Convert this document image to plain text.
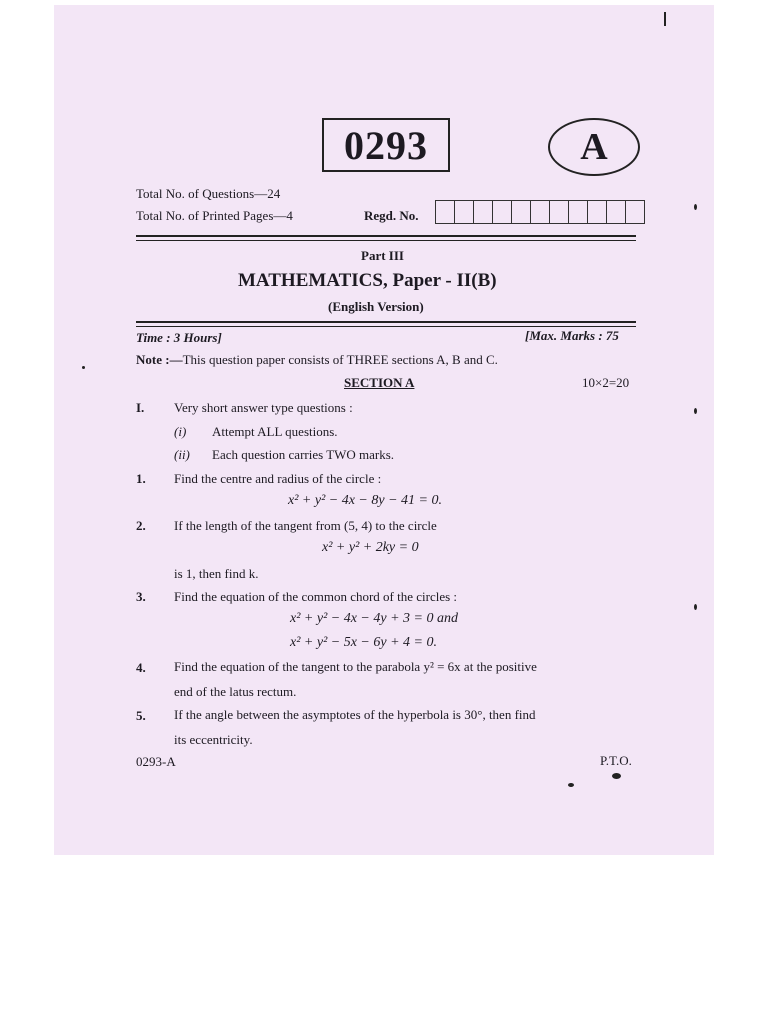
0293	A
Total No. of Questions—24
Total No. of Printed Pages—4	Regd. No.
Part III
MATHEMATICS, Paper - II(B)
(English Version)
Time : 3 Hours]	[Max. Marks : 75
Note :—This question paper consists of THREE sections A, B and C.
SECTION A	10×2=20
I. Very short answer type questions :
(i) Attempt ALL questions.
(ii) Each question carries TWO marks.
1. Find the centre and radius of the circle :
x² + y² − 4x − 8y − 41 = 0.
2. If the length of the tangent from (5, 4) to the circle
x² + y² + 2ky = 0
is 1, then find k.
3. Find the equation of the common chord of the circles :
x² + y² − 4x − 4y + 3 = 0 and
x² + y² − 5x − 6y + 4 = 0.
4. Find the equation of the tangent to the parabola y² = 6x at the positive
end of the latus rectum.
5. If the angle between the asymptotes of the hyperbola is 30°, then find
its eccentricity.
0293-A	P.T.O.
